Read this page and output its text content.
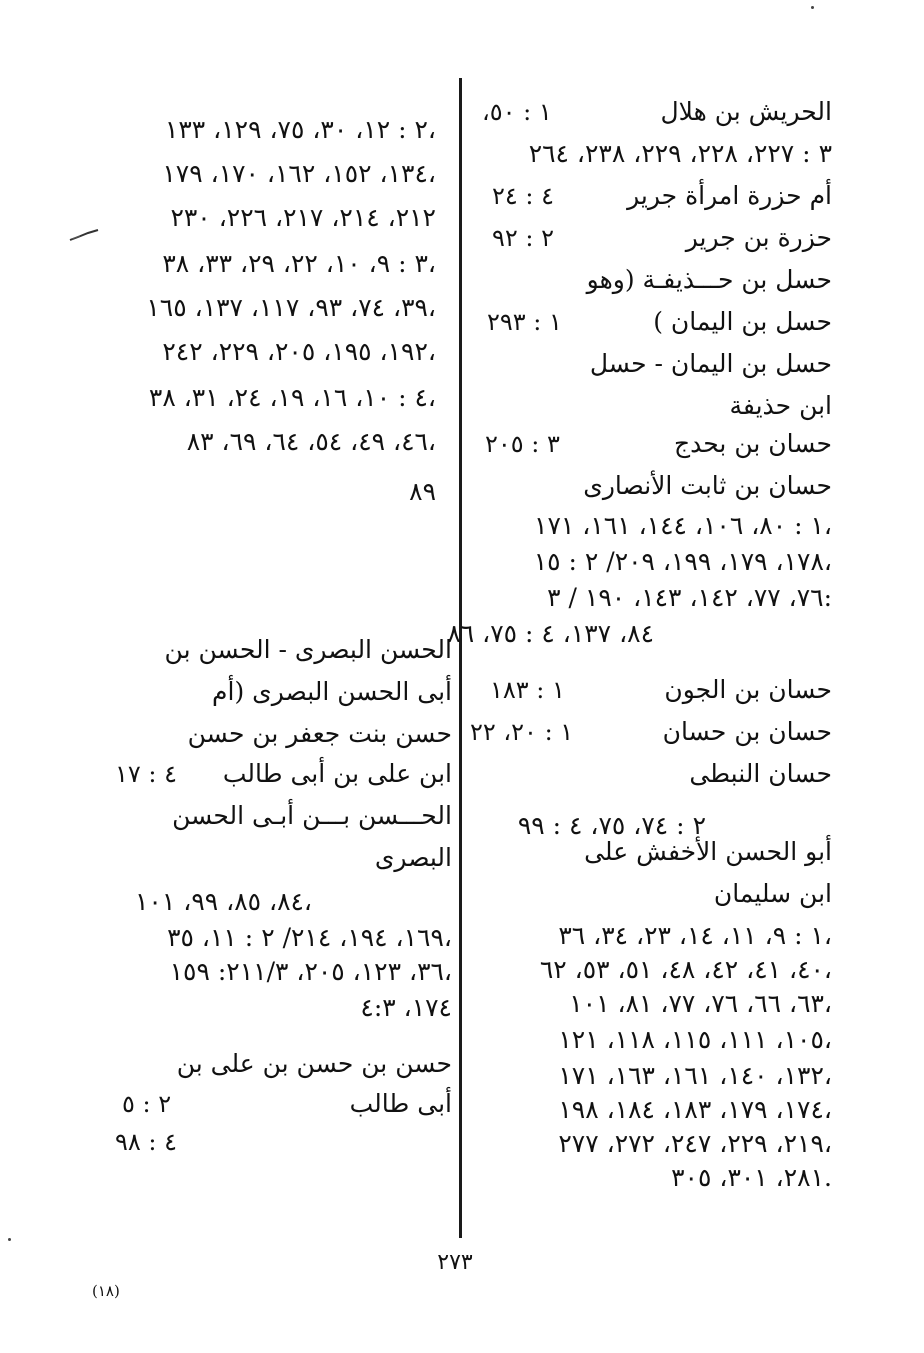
الحريش بن هلال
١ : ٥٠،
٣ : ٢٢٧، ٢٢٨، ٢٢٩، ٢٣٨، ٢٦٤
أم حزرة امرأة جرير
٤ : ٢٤
حزرة بن جرير
٢ : ٩٢
حسل بن حـــذيفـة (وهو
حسل بن اليمان )
١ : ٢٩٣
حسل بن اليمان - حسل
ابن حذيفة
حسان بن بحدج
٣ : ٢٠٥
حسان بن ثابت الأنصارى
١ : ٨٠، ١٠٦، ١٤٤، ١٦١، ١٧١،
١٧٨، ١٧٩، ١٩٩، ٢٠٩/ ٢ : ١٥،
٧٦، ٧٧، ١٤٢، ١٤٣، ١٩٠ / ٣:
٨٤، ١٣٧، ٤ : ٧٥، ٨٦
حسان بن الجون
١ : ١٨٣
حسان بن حسان
١ : ٢٠، ٢٢
حسان النبطى
٢ : ٧٤، ٧٥، ٤ : ٩٩
أبو الحسن الأخفش على
ابن سليمان
١ : ٩، ١١، ١٤، ٢٣، ٣٤، ٣٦،
٤٠، ٤١، ٤٢، ٤٨، ٥١، ٥٣، ٦٢،
٦٣، ٦٦، ٧٦، ٧٧، ٨١، ١٠١،
١٠٥، ١١١، ١١٥، ١١٨، ١٢١،
١٣٢، ١٤٠، ١٦١، ١٦٣، ١٧١،
١٧٤، ١٧٩، ١٨٣، ١٨٤، ١٩٨،
٢١٩، ٢٢٩، ٢٤٧، ٢٧٢، ٢٧٧،
٢٨١، ٣٠١، ٣٠٥.
٢ : ١٢، ٣٠، ٧٥، ١٢٩، ١٣٣،
١٣٤، ١٥٢، ١٦٢، ١٧٠، ١٧٩،
٢١٢، ٢١٤، ٢١٧، ٢٢٦، ٢٣٠
٣ : ٩، ١٠، ٢٢، ٢٩، ٣٣، ٣٨،
٣٩، ٧٤، ٩٣، ١١٧، ١٣٧، ١٦٥،
١٩٢، ١٩٥، ٢٠٥، ٢٢٩، ٢٤٢،
٤ : ١٠، ١٦، ١٩، ٢٤، ٣١، ٣٨،
٤٦، ٤٩، ٥٤، ٦٤، ٦٩، ٨٣،
٨٩
الحسن البصرى - الحسن بن
أبى الحسن البصرى (أم
حسن بنت جعفر بن حسن
ابن على بن أبى طالب
٤ : ١٧
الحـــسن بـــن أبـى الحسن
البصرى
٨٤، ٨٥، ٩٩، ١٠١،
١٦٩، ١٩٤، ٢١٤/ ٢ : ١١، ٣٥،
٣٦، ١٢٣، ٢٠٥، ٢١١/٣: ١٥٩،
١٧٤، ٤:٣
حسن بن حسن بن على بن
أبى طالب
٢ : ٥
٤ : ٩٨
٢٧٣
(١٨)
